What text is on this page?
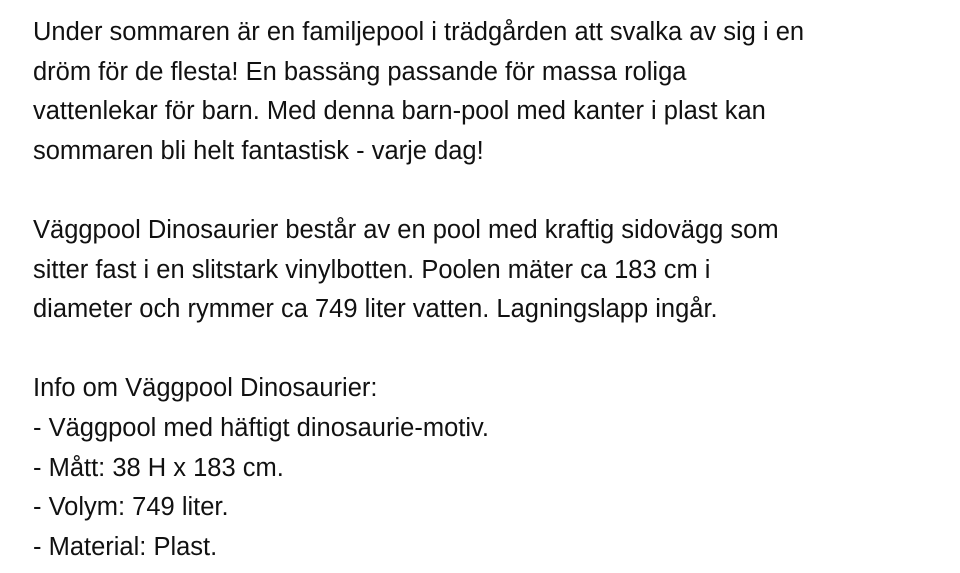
Under sommaren är en familjepool i trädgården att svalka av sig i en
dröm för de flesta! En bassäng passande för massa roliga
vattenlekar för barn. Med denna barn-pool med kanter i plast kan
sommaren bli helt fantastisk - varje dag!

Väggpool Dinosaurier består av en pool med kraftig sidovägg som
sitter fast i en slitstark vinylbotten. Poolen mäter ca 183 cm i
diameter och rymmer ca 749 liter vatten. Lagningslapp ingår.

Info om Väggpool Dinosaurier:
- Väggpool med häftigt dinosaurie-motiv.
- Mått: 38 H x 183 cm.
- Volym: 749 liter.
- Material: Plast.
